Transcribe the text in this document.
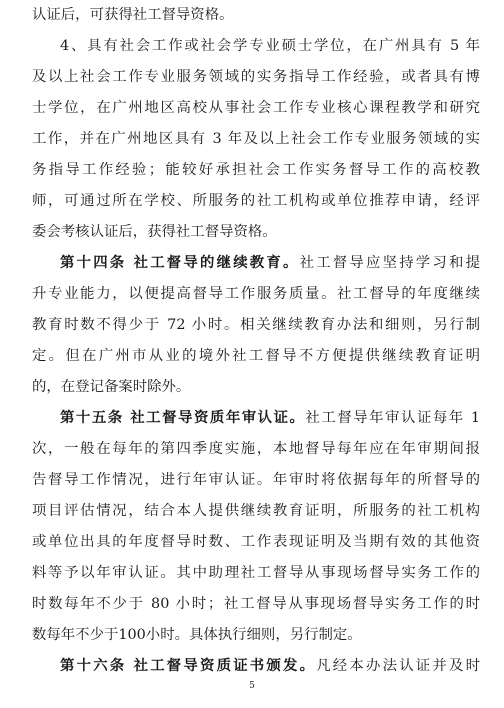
认证后，可获得社工督导资格。
4、具有社会工作或社会学专业硕士学位，在广州具有 5 年
及以上社会工作专业服务领域的实务指导工作经验，或者具有博
士学位，在广州地区高校从事社会工作专业核心课程教学和研究
工作，并在广州地区具有 3 年及以上社会工作专业服务领域的实
务指导工作经验；能较好承担社会工作实务督导工作的高校教
师，可通过所在学校、所服务的社工机构或单位推荐申请，经评
委会考核认证后，获得社工督导资格。
第十四条 社工督导的继续教育。社工督导应坚持学习和提
升专业能力，以便提高督导工作服务质量。社工督导的年度继续
教育时数不得少于 72 小时。相关继续教育办法和细则，另行制
定。但在广州市从业的境外社工督导不方便提供继续教育证明
的，在登记备案时除外。
第十五条 社工督导资质年审认证。社工督导年审认证每年 1
次，一般在每年的第四季度实施，本地督导每年应在年审期间报
告督导工作情况，进行年审认证。年审时将依据每年的所督导的
项目评估情况，结合本人提供继续教育证明，所服务的社工机构
或单位出具的年度督导时数、工作表现证明及当期有效的其他资
料等予以年审认证。其中助理社工督导从事现场督导实务工作的
时数每年不少于 80 小时；社工督导从事现场督导实务工作的时
数每年不少于100小时。具体执行细则，另行制定。
第十六条 社工督导资质证书颁发。凡经本办法认证并及时
5
